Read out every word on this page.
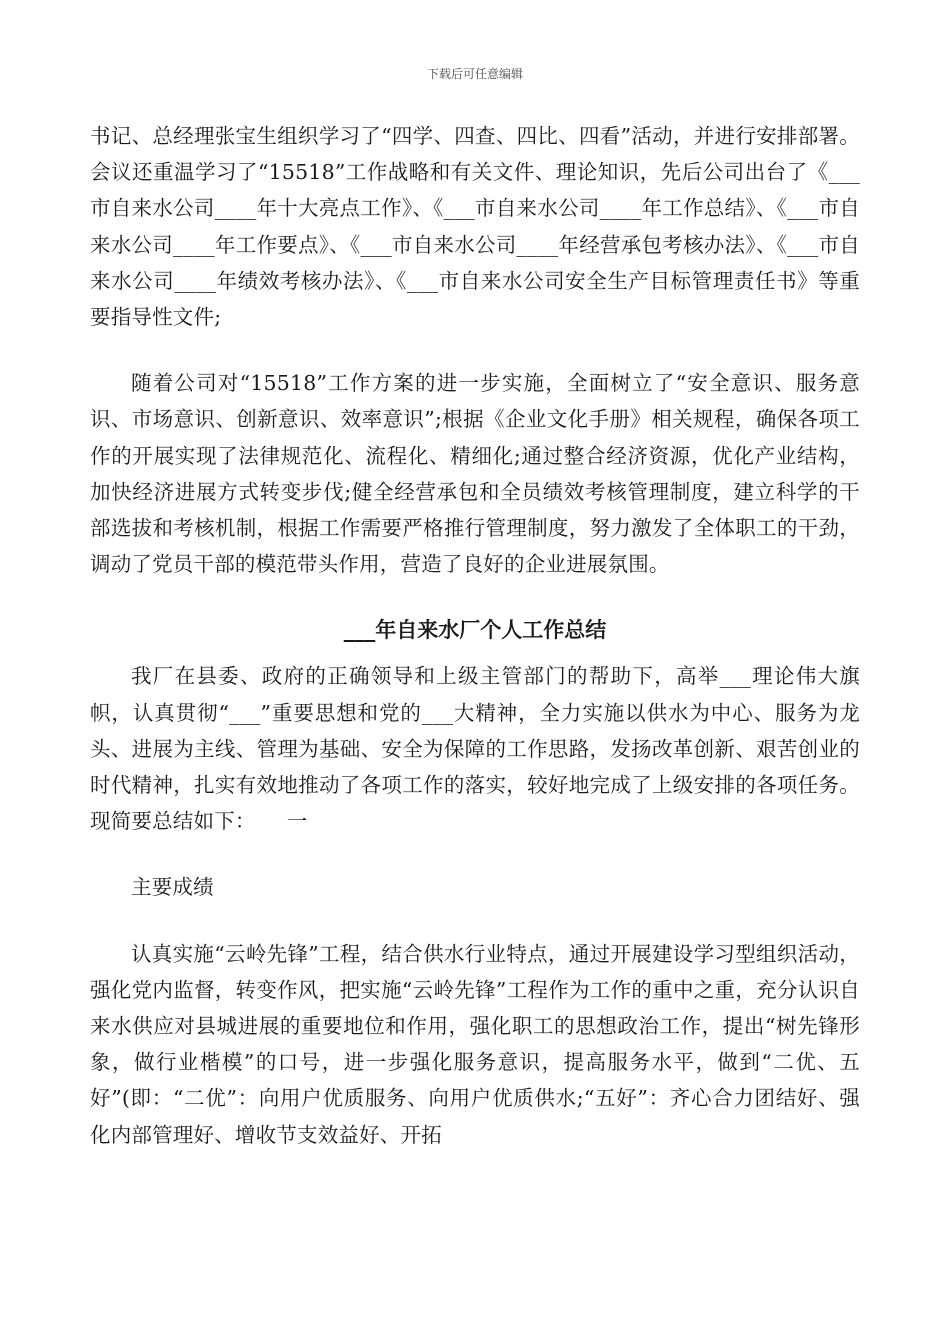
下载后可任意编辑

书记、总经理张宝生组织学习了“四学、四查、四比、四看”活动，并进行安排部署。会议还重温学习了“15518”工作战略和有关文件、理论知识，先后公司出台了《___市自来水公司____年十大亮点工作》、《___市自来水公司____年工作总结》、《___市自来水公司____年工作要点》、《___市自来水公司____年经营承包考核办法》、《___市自来水公司____年绩效考核办法》、《___市自来水公司安全生产目标管理责任书》等重要指导性文件;

随着公司对“15518”工作方案的进一步实施，全面树立了“安全意识、服务意识、市场意识、创新意识、效率意识”;根据《企业文化手册》相关规程，确保各项工作的开展实现了法律规范化、流程化、精细化;通过整合经济资源，优化产业结构，加快经济进展方式转变步伐;健全经营承包和全员绩效考核管理制度，建立科学的干部选拔和考核机制，根据工作需要严格推行管理制度，努力激发了全体职工的干劲，调动了党员干部的模范带头作用，营造了良好的企业进展氛围。

___年自来水厂个人工作总结

我厂在县委、政府的正确领导和上级主管部门的帮助下，高举___理论伟大旗帜，认真贯彻“___”重要思想和党的___大精神，全力实施以供水为中心、服务为龙头、进展为主线、管理为基础、安全为保障的工作思路，发扬改革创新、艰苦创业的时代精神，扎实有效地推动了各项工作的落实，较好地完成了上级安排的各项任务。现简要总结如下：　　一

主要成绩

认真实施“云岭先锋”工程，结合供水行业特点，通过开展建设学习型组织活动，强化党内监督，转变作风，把实施“云岭先锋”工程作为工作的重中之重，充分认识自来水供应对县城进展的重要地位和作用，强化职工的思想政治工作，提出“树先锋形象，做行业楷模”的口号，进一步强化服务意识，提高服务水平，做到“二优、五好”(即：“二优”：向用户优质服务、向用户优质供水;“五好”：齐心合力团结好、强化内部管理好、增收节支效益好、开拓
